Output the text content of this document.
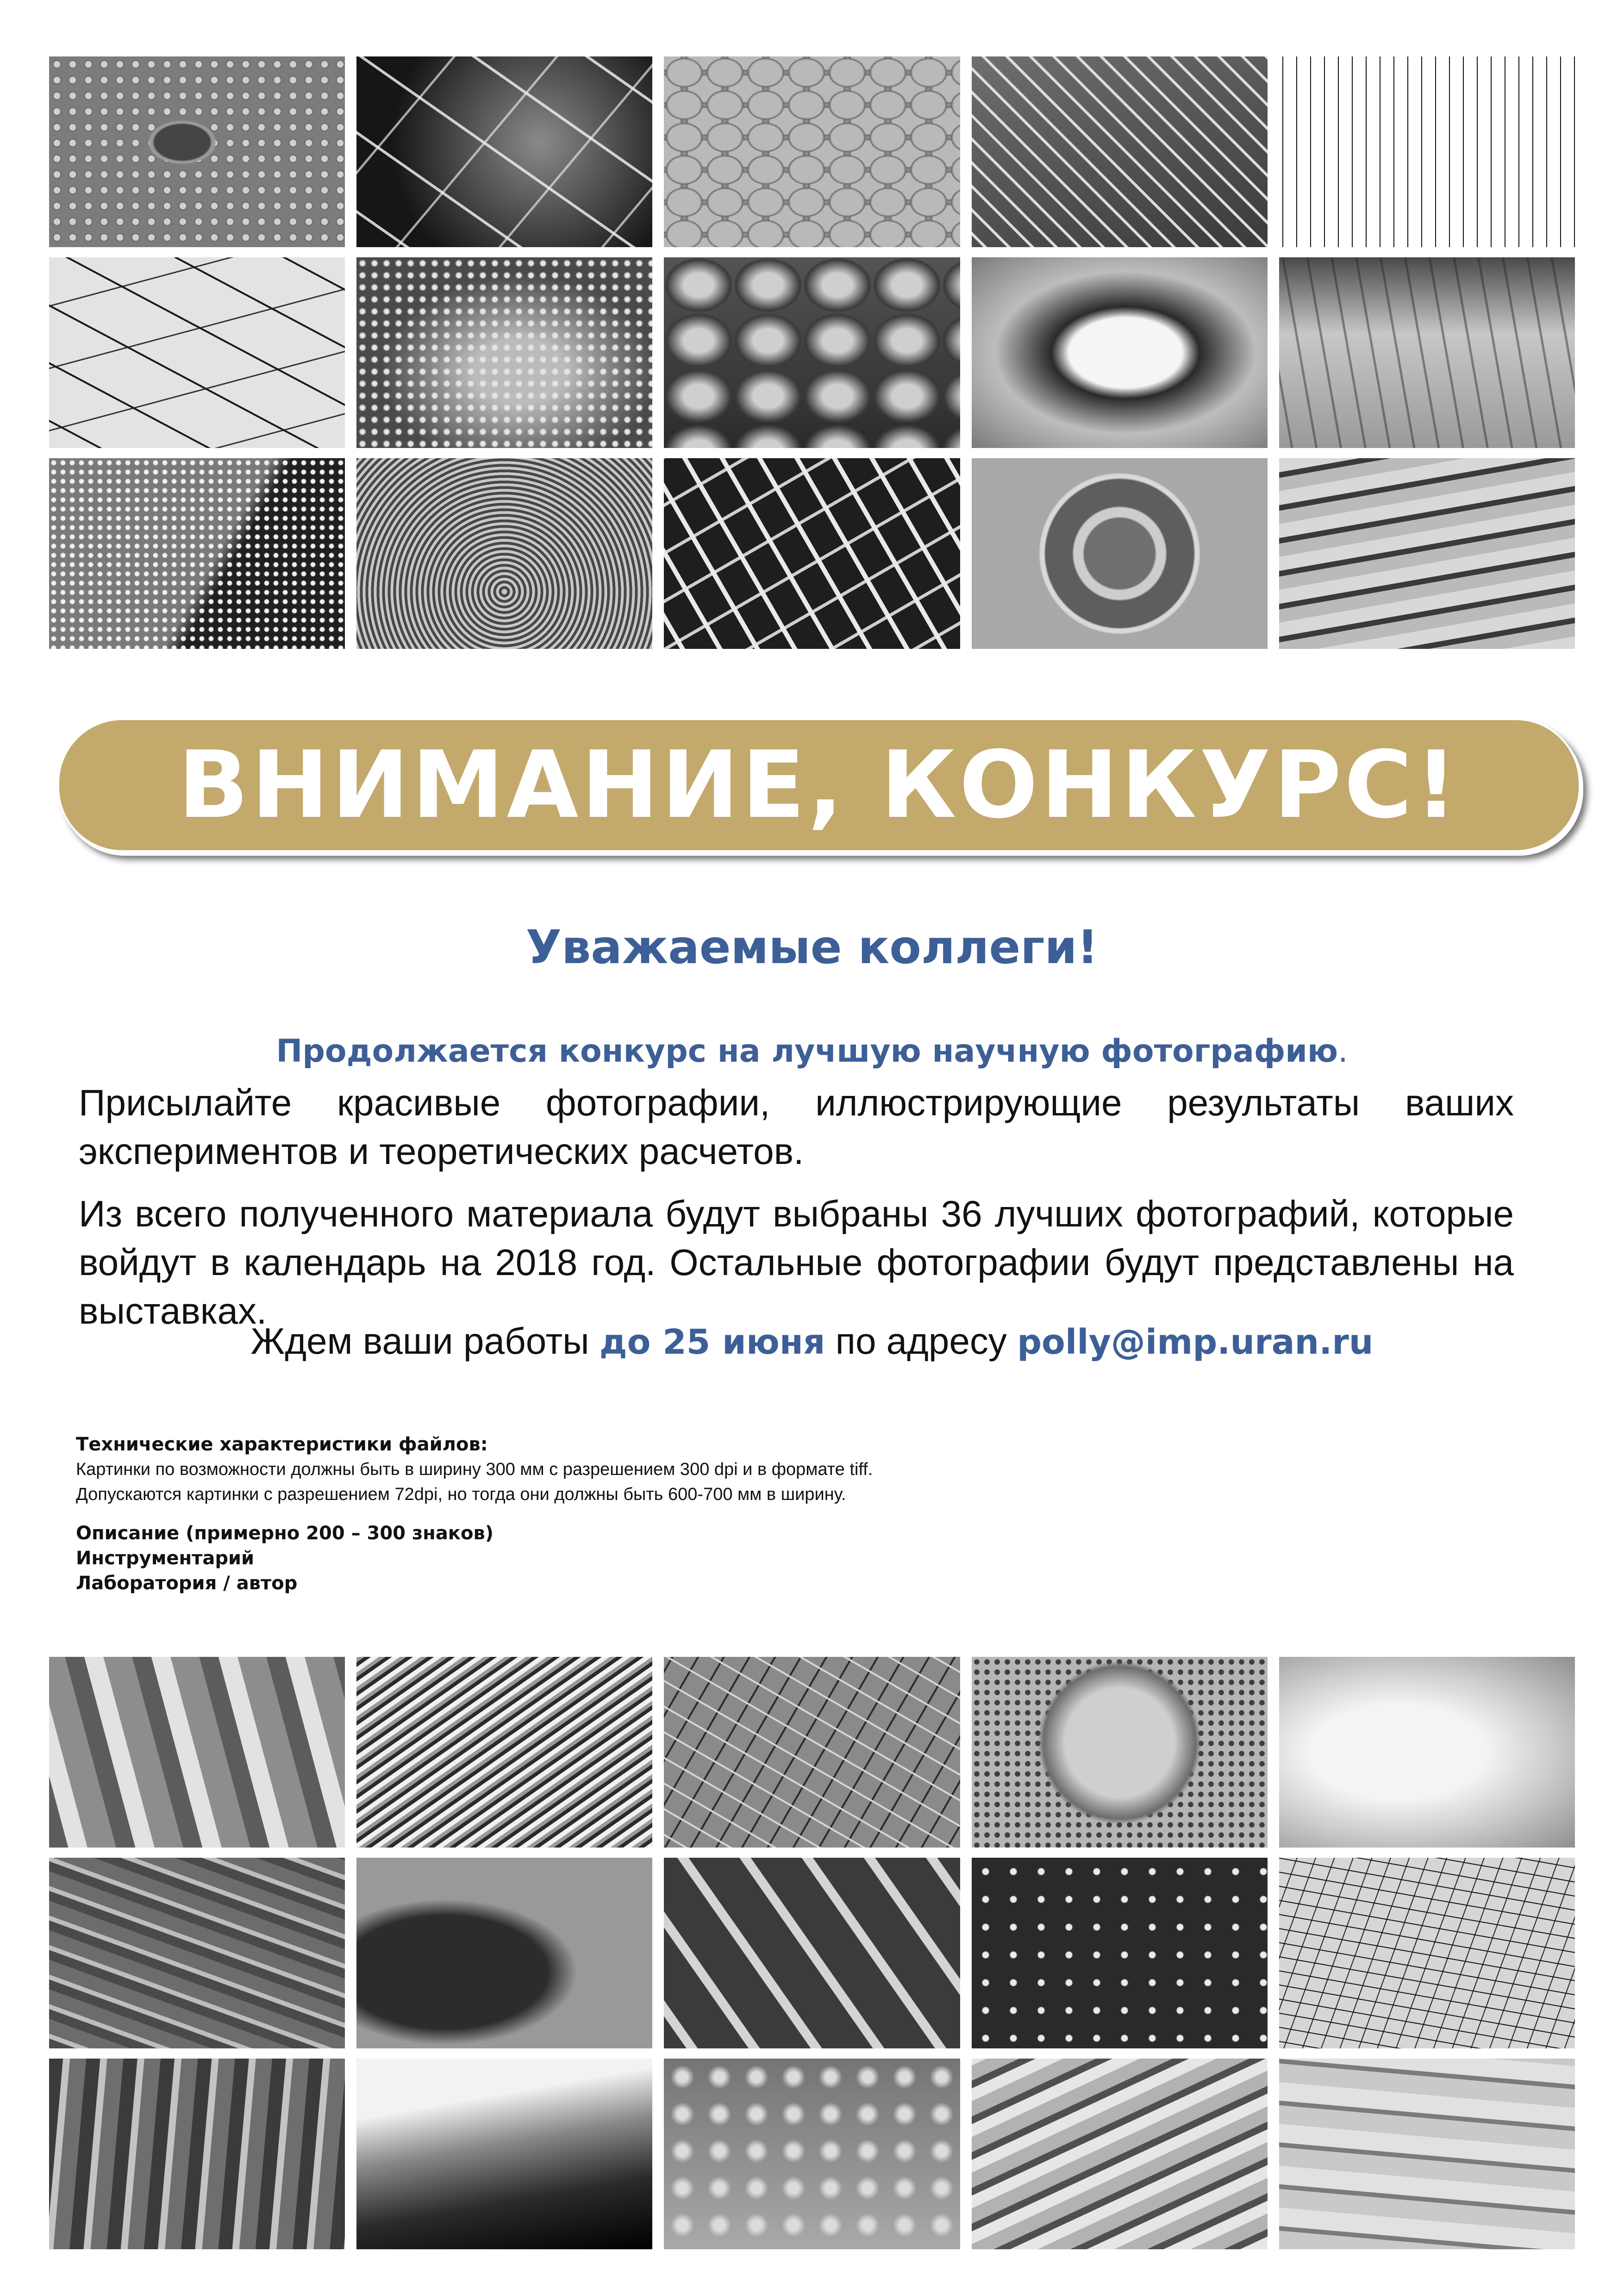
ВНИМАНИЕ, КОНКУРС!
Уважаемые коллеги!
Продолжается конкурс на лучшую научную фотографию.
Присылайте красивые фотографии, иллюстрирующие результаты ваших экспериментов и теоретических расчетов.
Из всего полученного материала будут выбраны 36 лучших фотографий, которые войдут в календарь на 2018 год. Остальные фотографии будут представлены на выставках.
Ждем ваши работы до 25 июня по адресу polly@imp.uran.ru
Технические характеристики файлов:
Картинки по возможности должны быть в ширину 300 мм с разрешением 300 dpi и в формате tiff.
Допускаются картинки с разрешением 72dpi, но тогда они должны быть 600-700 мм в ширину.
Описание (примерно 200 – 300 знаков)
Инструментарий
Лаборатория / автор
